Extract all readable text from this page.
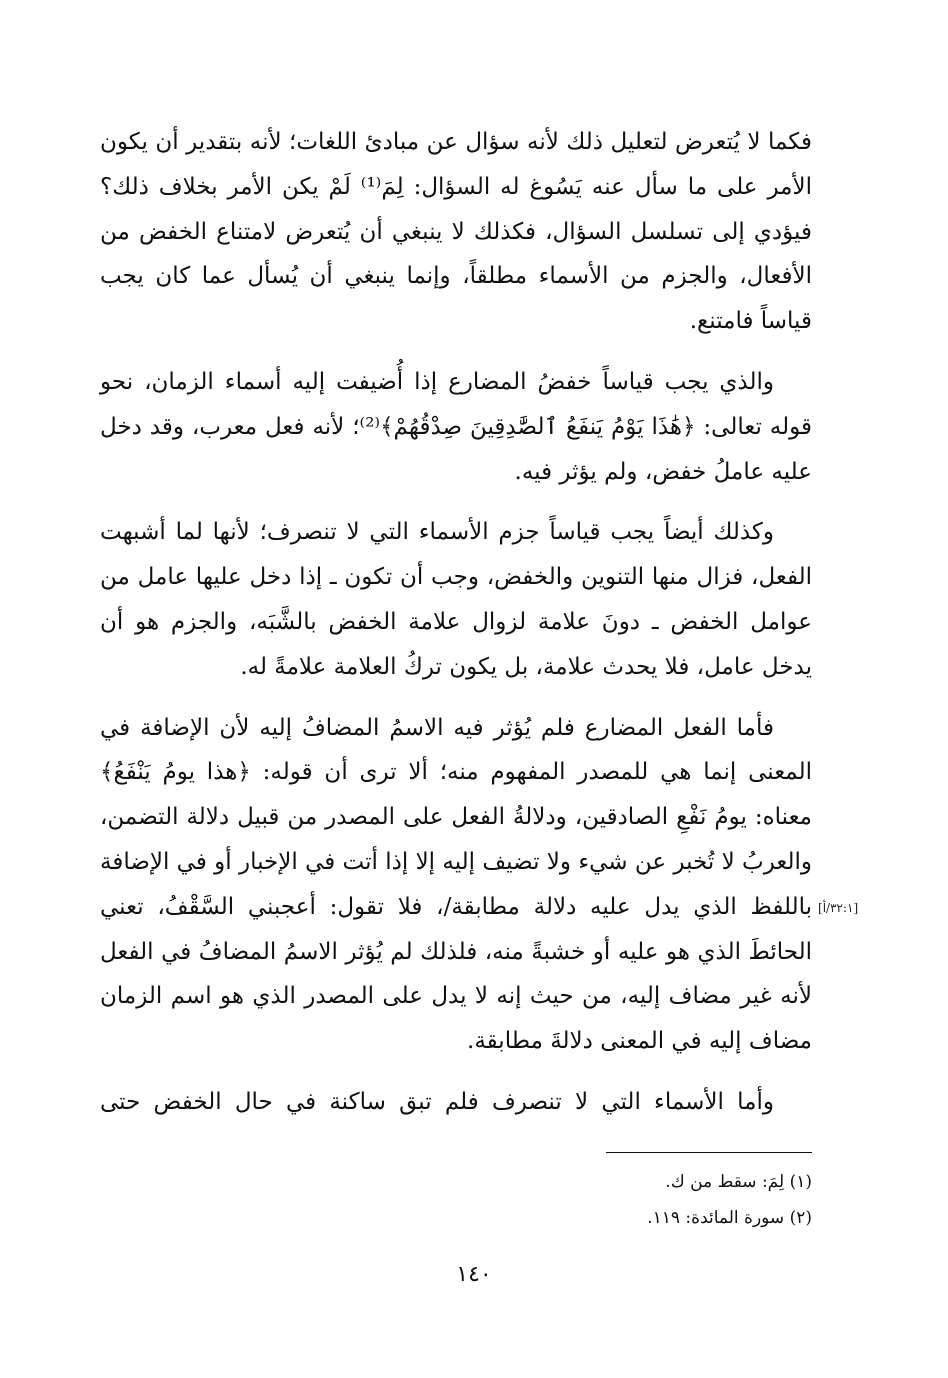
فكما لا يُتعرض لتعليل ذلك لأنه سؤال عن مبادئ اللغات؛ لأنه بتقدير أن يكون الأمر على ما سأل عنه يَسُوغ له السؤال: لِمَ⁽¹⁾ لَمْ يكن الأمر بخلاف ذلك؟ فيؤدي إلى تسلسل السؤال، فكذلك لا ينبغي أن يُتعرض لامتناع الخفض من الأفعال، والجزم من الأسماء مطلقاً، وإنما ينبغي أن يُسأل عما كان يجب قياساً فامتنع.

والذي يجب قياساً خفضُ المضارع إذا أُضيفت إليه أسماء الزمان، نحو قوله تعالى: ﴿هَٰذَا يَوْمُ يَنفَعُ ٱلصَّٰدِقِينَ صِدْقُهُمْ﴾⁽²⁾؛ لأنه فعل معرب، وقد دخل عليه عاملُ خفض، ولم يؤثر فيه.

وكذلك أيضاً يجب قياساً جزم الأسماء التي لا تنصرف؛ لأنها لما أشبهت الفعل، فزال منها التنوين والخفض، وجب أن تكون ـ إذا دخل عليها عامل من عوامل الخفض ـ دونَ علامة لزوال علامة الخفض بالشَّبَه، والجزم هو أن يدخل عامل، فلا يحدث علامة، بل يكون تركُ العلامة علامةً له.

فأما الفعل المضارع فلم يُؤثر فيه الاسمُ المضافُ إليه لأن الإضافة في المعنى إنما هي للمصدر المفهوم منه؛ ألا ترى أن قوله: ﴿هذا يومُ يَنْفَعُ﴾ معناه: يومُ نَفْعِ الصادقين، ودلالةُ الفعل على المصدر من قبيل دلالة التضمن، والعربُ لا تُخبر عن شيء ولا تضيف إليه إلا إذا أتت في الإخبار أو في الإضافة باللفظ الذي يدل عليه دلالة مطابقة/، فلا تقول: أعجبني السَّقْفُ، تعني الحائطَ الذي هو عليه أو خشبةً منه، فلذلك لم يُؤثر الاسمُ المضافُ في الفعل لأنه غير مضاف إليه، من حيث إنه لا يدل على المصدر الذي هو اسم الزمان مضاف إليه في المعنى دلالةَ مطابقة.

وأما الأسماء التي لا تنصرف فلم تبق ساكنة في حال الخفض حتى

[٣٢:١/أ]

(١) لِمَ: سقط من ك.

(٢) سورة المائدة: ١١٩.

١٤٠
